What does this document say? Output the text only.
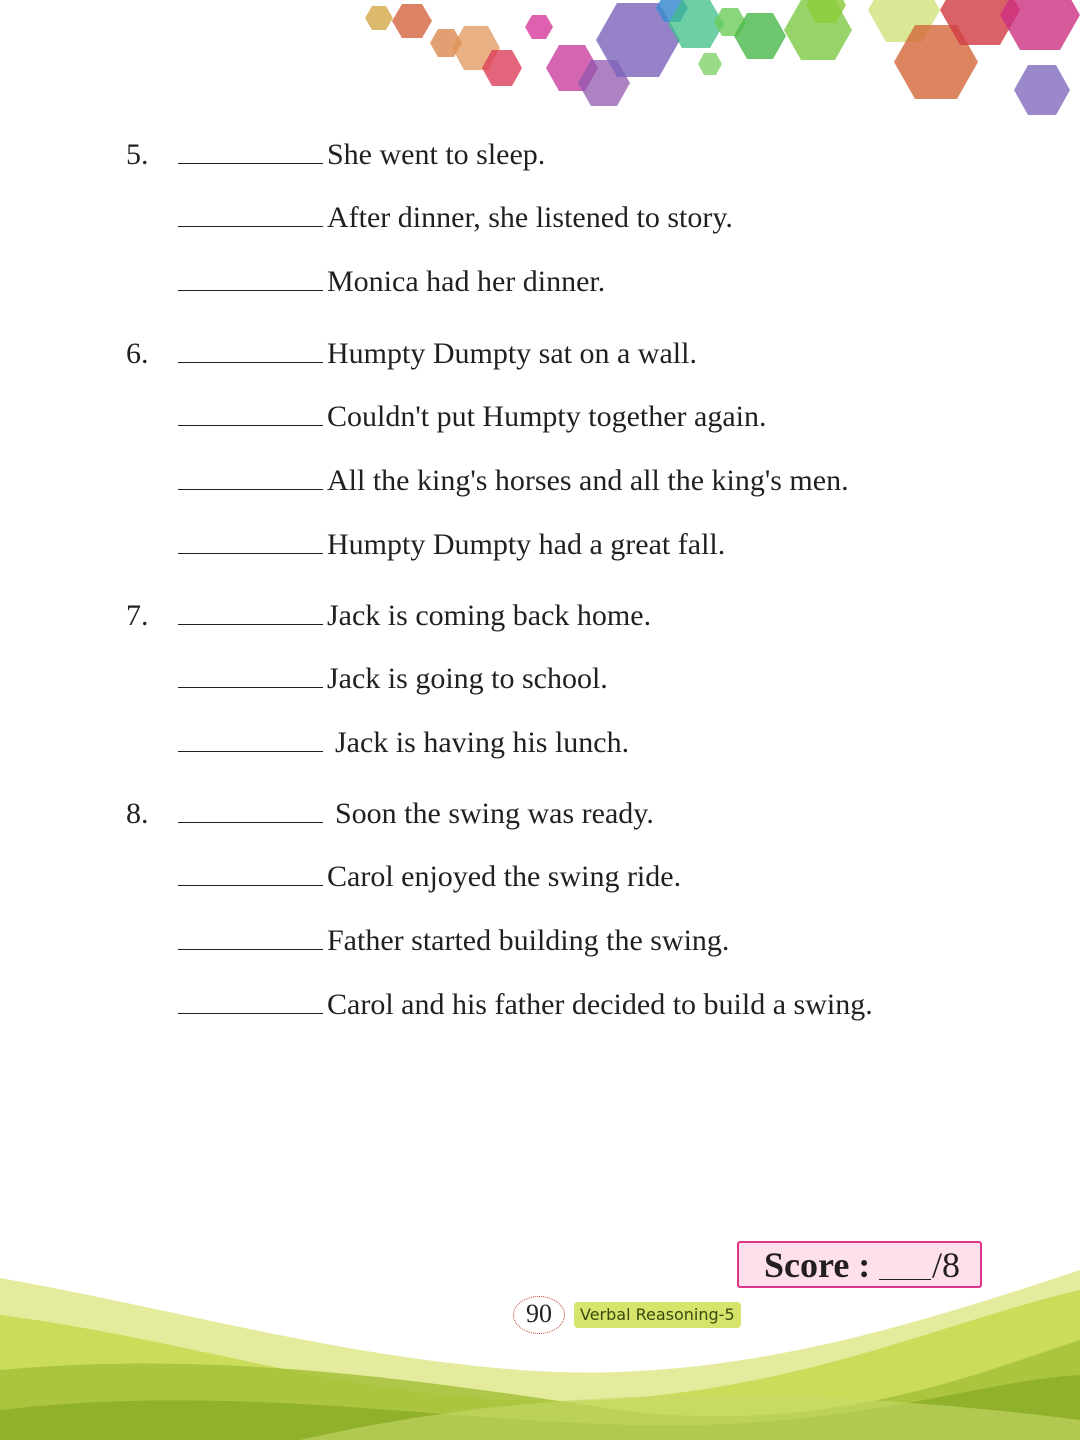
5.	She went to sleep.
After dinner, she listened to story.
Monica had her dinner.
6.	Humpty Dumpty sat on a wall.
Couldn't put Humpty together again.
All the king's horses and all the king's men.
Humpty Dumpty had a great fall.
7.	Jack is coming back home.
Jack is going to school.
Jack is having his lunch.
8.	Soon the swing was ready.
Carol enjoyed the swing ride.
Father started building the swing.
Carol and his father decided to build a swing.
Score : /8
90	Verbal Reasoning-5
